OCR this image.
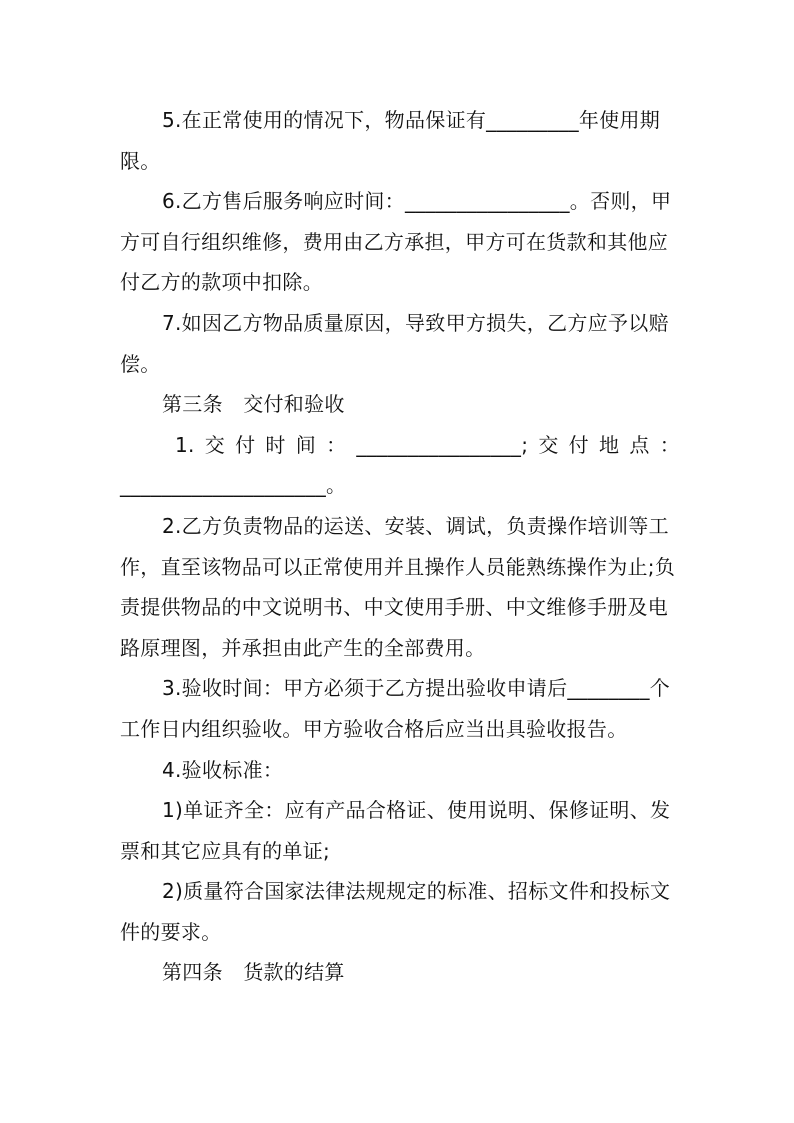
5.在正常使用的情况下，物品保证有_________年使用期限。

6.乙方售后服务响应时间：________________。否则，甲方可自行组织维修，费用由乙方承担，甲方可在货款和其他应付乙方的款项中扣除。

7.如因乙方物品质量原因，导致甲方损失，乙方应予以赔偿。

第三条　交付和验收

1.交付时间：________________;交付地点：

____________________。

2.乙方负责物品的运送、安装、调试，负责操作培训等工作，直至该物品可以正常使用并且操作人员能熟练操作为止;负责提供物品的中文说明书、中文使用手册、中文维修手册及电路原理图，并承担由此产生的全部费用。

3.验收时间：甲方必须于乙方提出验收申请后________个工作日内组织验收。甲方验收合格后应当出具验收报告。

4.验收标准：

1)单证齐全：应有产品合格证、使用说明、保修证明、发票和其它应具有的单证;

2)质量符合国家法律法规规定的标准、招标文件和投标文件的要求。

第四条　货款的结算
